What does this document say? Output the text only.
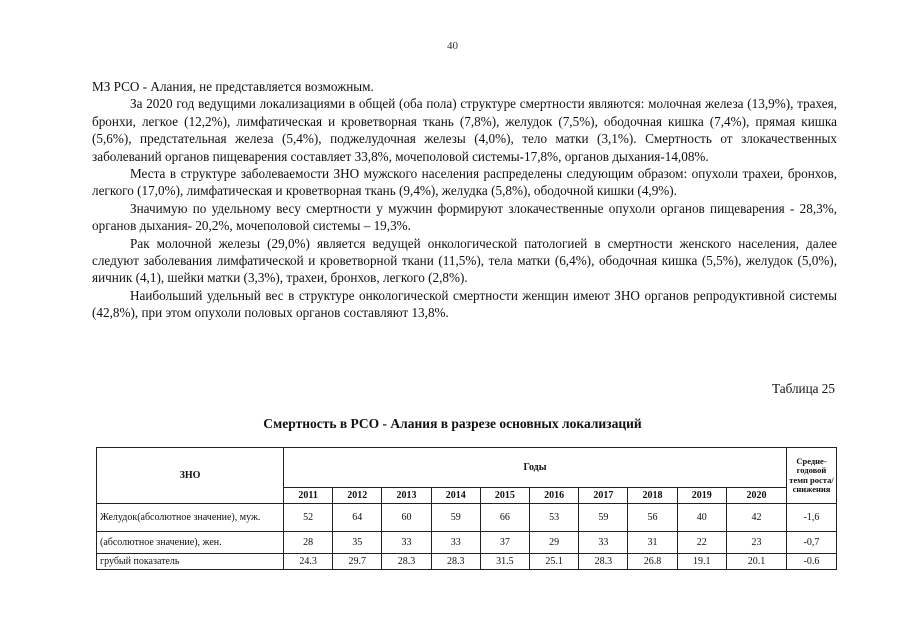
40

МЗ РСО - Алания, не представляется возможным.

За 2020 год ведущими локализациями в общей (оба пола) структуре смертности являются: молочная железа (13,9%), трахея, бронхи, легкое (12,2%), лимфатическая и кроветворная ткань (7,8%), желудок (7,5%), ободочная кишка (7,4%), прямая кишка (5,6%), предстательная железа (5,4%), поджелудочная железы (4,0%), тело матки (3,1%). Смертность от злокачественных заболеваний органов пищеварения составляет 33,8%, мочеполовой системы-17,8%, органов дыхания-14,08%.

Места в структуре заболеваемости ЗНО мужского населения распределены следующим образом: опухоли трахеи, бронхов, легкого (17,0%), лимфатическая и кроветворная ткань (9,4%), желудка (5,8%), ободочной кишки (4,9%).

Значимую по удельному весу смертности у мужчин формируют злокачественные опухоли органов пищеварения - 28,3%, органов дыхания- 20,2%, мочеполовой системы – 19,3%.

Рак молочной железы (29,0%) является ведущей онкологической патологией в смертности женского населения, далее следуют заболевания лимфатической и кроветворной ткани (11,5%), тела матки (6,4%), ободочная кишка (5,5%), желудок (5,0%), яичник (4,1), шейки матки (3,3%), трахеи, бронхов, легкого (2,8%).

Наибольший удельный вес в структуре онкологической смертности женщин имеют ЗНО органов репродуктивной системы (42,8%), при этом опухоли половых органов составляют 13,8%.

Таблица 25
Смертность в РСО - Алания в разрезе основных локализаций
ЗНО	Годы										Средне-годовой темп роста/ снижения
	2011	2012	2013	2014	2015	2016	2017	2018	2019	2020	
Желудок(абсолютное значение), муж.	52	64	60	59	66	53	59	56	40	42	-1,6
(абсолютное значение), жен.	28	35	33	33	37	29	33	31	22	23	-0,7
грубый показатель	24.3	29.7	28.3	28.3	31.5	25.1	28.3	26.8	19.1	20.1	-0.6
